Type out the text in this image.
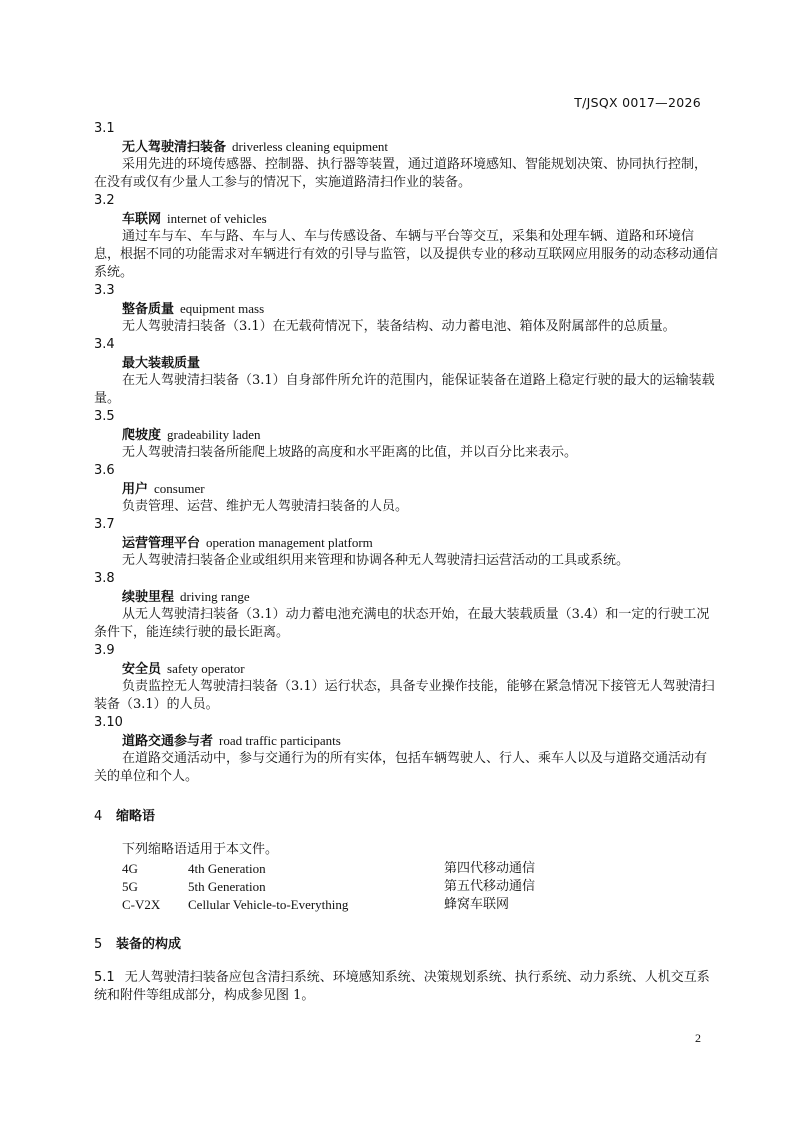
T/JSQX 0017—2026
3.1
无人驾驶清扫装备 driverless cleaning equipment
采用先进的环境传感器、控制器、执行器等装置，通过道路环境感知、智能规划决策、协同执行控制，在没有或仅有少量人工参与的情况下，实施道路清扫作业的装备。
3.2
车联网 internet of vehicles
通过车与车、车与路、车与人、车与传感设备、车辆与平台等交互，采集和处理车辆、道路和环境信息，根据不同的功能需求对车辆进行有效的引导与监管，以及提供专业的移动互联网应用服务的动态移动通信系统。
3.3
整备质量 equipment mass
无人驾驶清扫装备（3.1）在无载荷情况下，装备结构、动力蓄电池、箱体及附属部件的总质量。
3.4
最大装载质量
在无人驾驶清扫装备（3.1）自身部件所允许的范围内，能保证装备在道路上稳定行驶的最大的运输装载量。
3.5
爬坡度 gradeability laden
无人驾驶清扫装备所能爬上坡路的高度和水平距离的比值，并以百分比来表示。
3.6
用户 consumer
负责管理、运营、维护无人驾驶清扫装备的人员。
3.7
运营管理平台 operation management platform
无人驾驶清扫装备企业或组织用来管理和协调各种无人驾驶清扫运营活动的工具或系统。
3.8
续驶里程 driving range
从无人驾驶清扫装备（3.1）动力蓄电池充满电的状态开始，在最大装载质量（3.4）和一定的行驶工况条件下，能连续行驶的最长距离。
3.9
安全员 safety operator
负责监控无人驾驶清扫装备（3.1）运行状态，具备专业操作技能，能够在紧急情况下接管无人驾驶清扫装备（3.1）的人员。
3.10
道路交通参与者 road traffic participants
在道路交通活动中，参与交通行为的所有实体，包括车辆驾驶人、行人、乘车人以及与道路交通活动有关的单位和个人。
4 缩略语
下列缩略语适用于本文件。
4G	4th Generation	第四代移动通信
5G	5th Generation	第五代移动通信
C-V2X	Cellular Vehicle-to-Everything	蜂窝车联网
5 装备的构成
5.1 无人驾驶清扫装备应包含清扫系统、环境感知系统、决策规划系统、执行系统、动力系统、人机交互系统和附件等组成部分，构成参见图 1。
2
